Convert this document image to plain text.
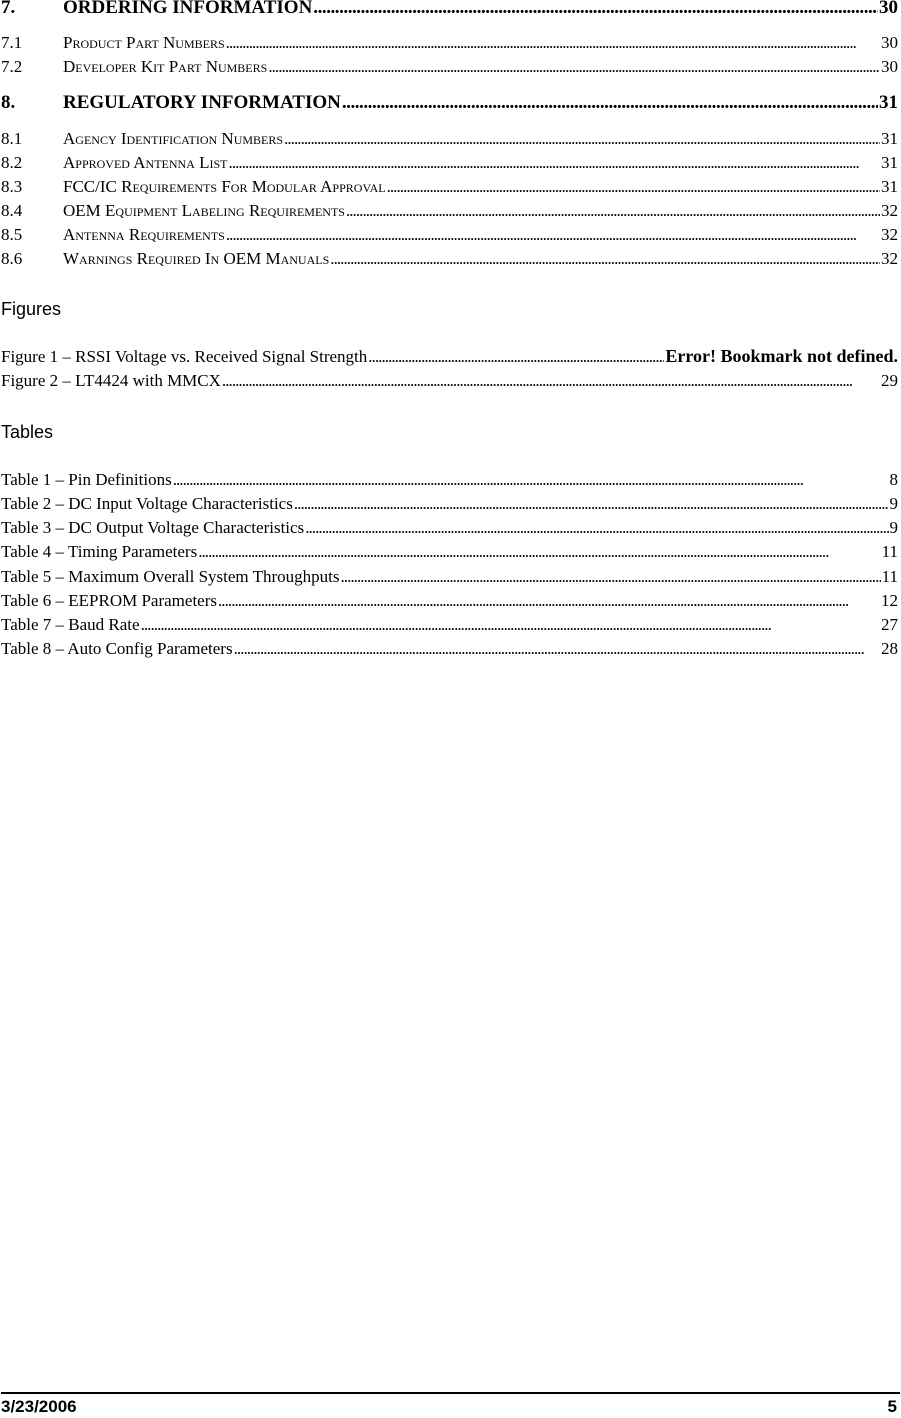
7.	ORDERING INFORMATION . . .	30
7.1	Product Part Numbers . . .	30
7.2	Developer Kit Part Numbers . . .	30
8.	REGULATORY INFORMATION . . .	31
8.1	Agency Identification Numbers . . .	31
8.2	Approved Antenna List . . .	31
8.3	FCC/IC Requirements For Modular Approval . . .	31
8.4	OEM Equipment Labeling Requirements . . .	32
8.5	Antenna Requirements . . .	32
8.6	Warnings Required In OEM Manuals . . .	32
Figures
Figure 1 – RSSI Voltage vs. Received Signal Strength . . .	Error! Bookmark not defined.
Figure 2 – LT4424 with MMCX . . .	29
Tables
Table 1 – Pin Definitions . . .	8
Table 2 – DC Input Voltage Characteristics . . .	9
Table 3 – DC Output Voltage Characteristics . . .	9
Table 4 – Timing Parameters . . .	11
Table 5 – Maximum Overall System Throughputs . . .	11
Table 6 – EEPROM Parameters . . .	12
Table 7 – Baud Rate . . .	27
Table 8 – Auto Config Parameters . . .	28
3/23/2006	5
